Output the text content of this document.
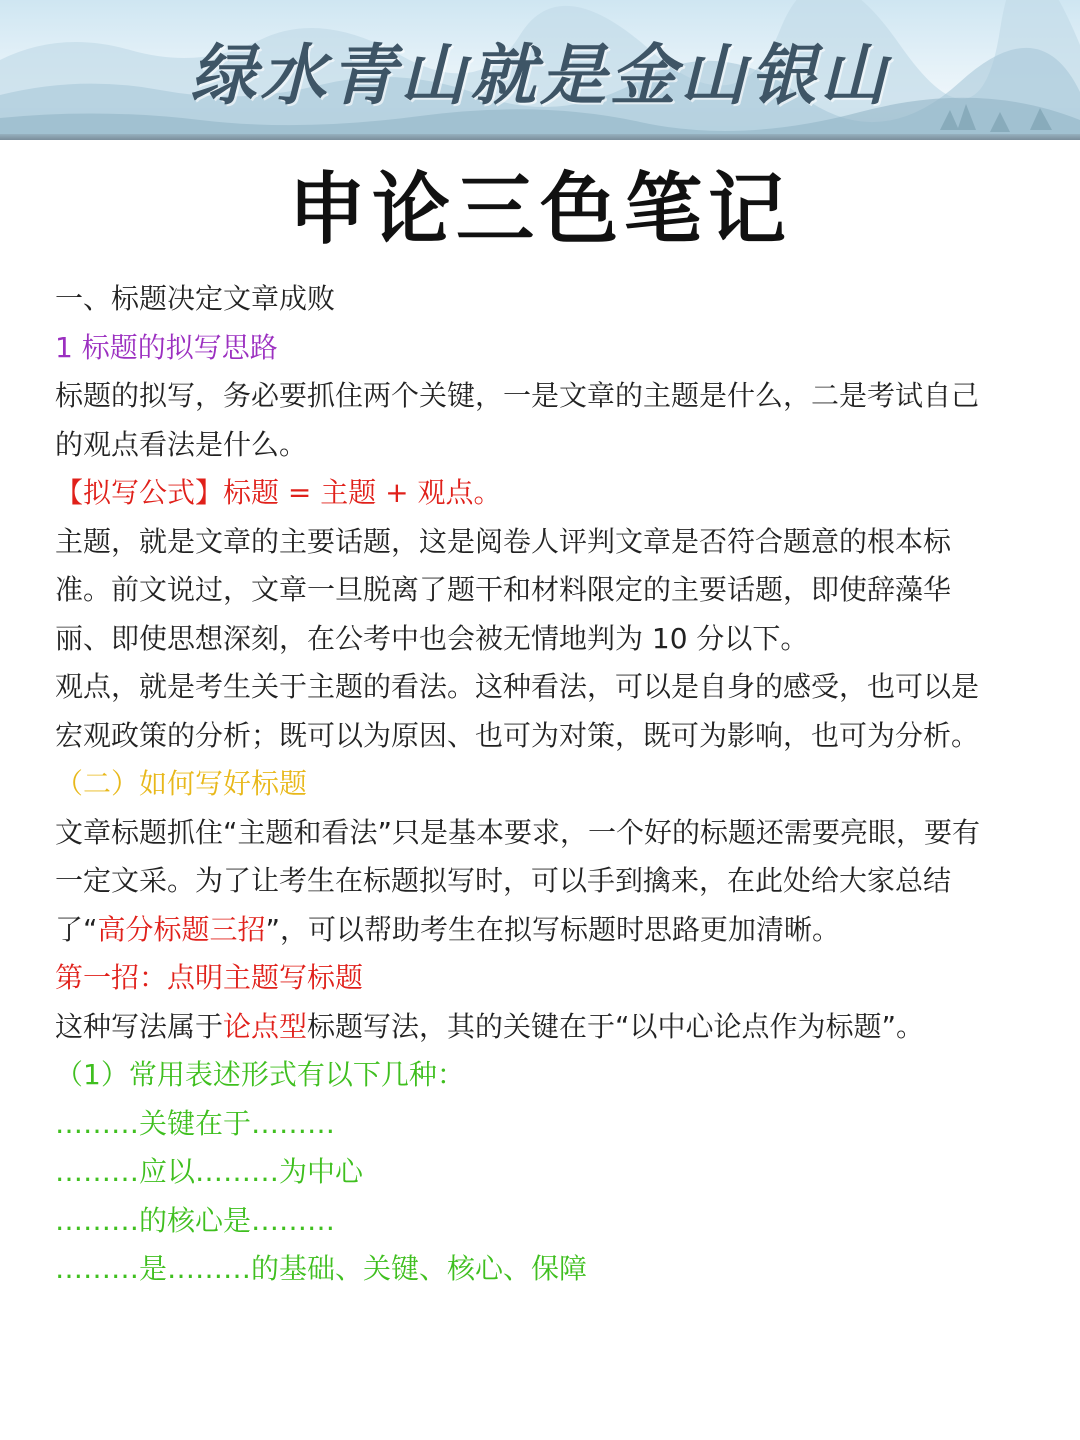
绿水青山就是金山银山
申论三色笔记

一、标题决定文章成败

1 标题的拟写思路

标题的拟写，务必要抓住两个关键，一是文章的主题是什么，二是考试自己的观点看法是什么。

【拟写公式】标题 = 主题 + 观点。

主题，就是文章的主要话题，这是阅卷人评判文章是否符合题意的根本标准。前文说过，文章一旦脱离了题干和材料限定的主要话题，即使辞藻华丽、即使思想深刻，在公考中也会被无情地判为 10 分以下。

观点，就是考生关于主题的看法。这种看法，可以是自身的感受，也可以是宏观政策的分析；既可以为原因、也可为对策，既可为影响，也可为分析。

（二）如何写好标题

文章标题抓住“主题和看法”只是基本要求，一个好的标题还需要亮眼，要有一定文采。为了让考生在标题拟写时，可以手到擒来，在此处给大家总结了“高分标题三招”，可以帮助考生在拟写标题时思路更加清晰。

第一招：点明主题写标题

这种写法属于论点型标题写法，其的关键在于“以中心论点作为标题”。

（1）常用表述形式有以下几种：

………关键在于………

………应以………为中心

………的核心是………

………是………的基础、关键、核心、保障
